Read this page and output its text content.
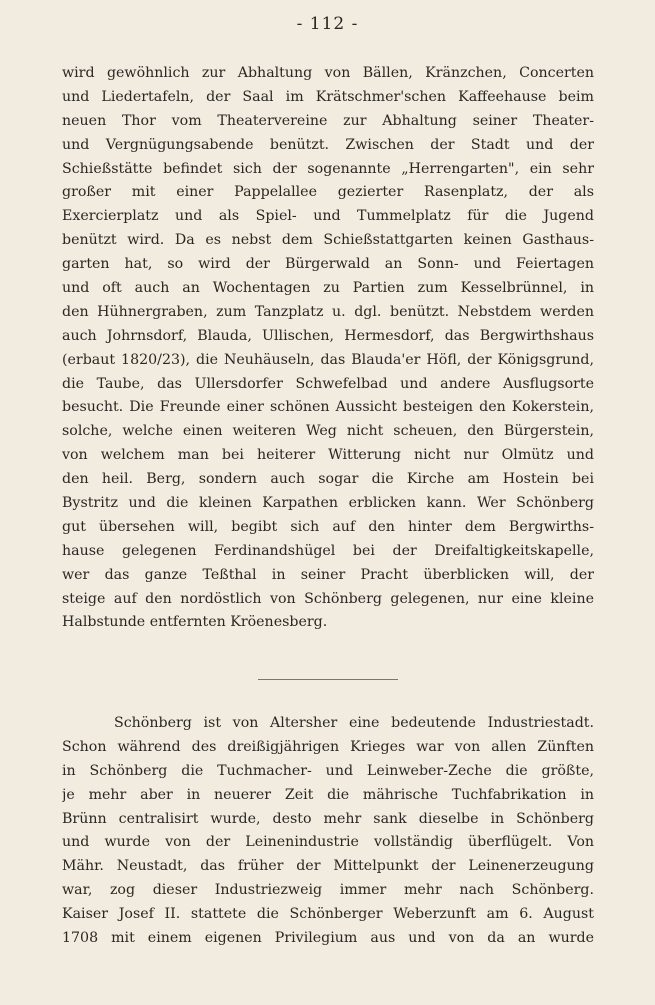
- 112 -
wird gewöhnlich zur Abhaltung von Bällen, Kränzchen, Concerten
und Liedertafeln, der Saal im Krätschmer'schen Kaffeehause beim
neuen Thor vom Theatervereine zur Abhaltung seiner Theater-
und Vergnügungsabende benützt. Zwischen der Stadt und der
Schießstätte befindet sich der sogenannte „Herrengarten", ein sehr
großer mit einer Pappelallee gezierter Rasenplatz, der als
Exercierplatz und als Spiel- und Tummelplatz für die Jugend
benützt wird. Da es nebst dem Schießstattgarten keinen Gasthaus-
garten hat, so wird der Bürgerwald an Sonn- und Feiertagen
und oft auch an Wochentagen zu Partien zum Kesselbrünnel, in
den Hühnergraben, zum Tanzplatz u. dgl. benützt. Nebstdem werden
auch Johrnsdorf, Blauda, Ullischen, Hermesdorf, das Bergwirthshaus
(erbaut 1820/23), die Neuhäuseln, das Blauda'er Höfl, der Königsgrund,
die Taube, das Ullersdorfer Schwefelbad und andere Ausflugsorte
besucht. Die Freunde einer schönen Aussicht besteigen den Kokerstein,
solche, welche einen weiteren Weg nicht scheuen, den Bürgerstein,
von welchem man bei heiterer Witterung nicht nur Olmütz und
den heil. Berg, sondern auch sogar die Kirche am Hostein bei
Bystritz und die kleinen Karpathen erblicken kann. Wer Schönberg
gut übersehen will, begibt sich auf den hinter dem Bergwirths-
hause gelegenen Ferdinandshügel bei der Dreifaltigkeitskapelle,
wer das ganze Teßthal in seiner Pracht überblicken will, der
steige auf den nordöstlich von Schönberg gelegenen, nur eine kleine
Halbstunde entfernten Kröenesberg.
Schönberg ist von Altersher eine bedeutende Industriestadt.
Schon während des dreißigjährigen Krieges war von allen Zünften
in Schönberg die Tuchmacher- und Leinweber-Zeche die größte,
je mehr aber in neuerer Zeit die mährische Tuchfabrikation in
Brünn centralisirt wurde, desto mehr sank dieselbe in Schönberg
und wurde von der Leinenindustrie vollständig überflügelt. Von
Mähr. Neustadt, das früher der Mittelpunkt der Leinenerzeugung
war, zog dieser Industriezweig immer mehr nach Schönberg.
Kaiser Josef II. stattete die Schönberger Weberzunft am 6. August
1708 mit einem eigenen Privilegium aus und von da an wurde
